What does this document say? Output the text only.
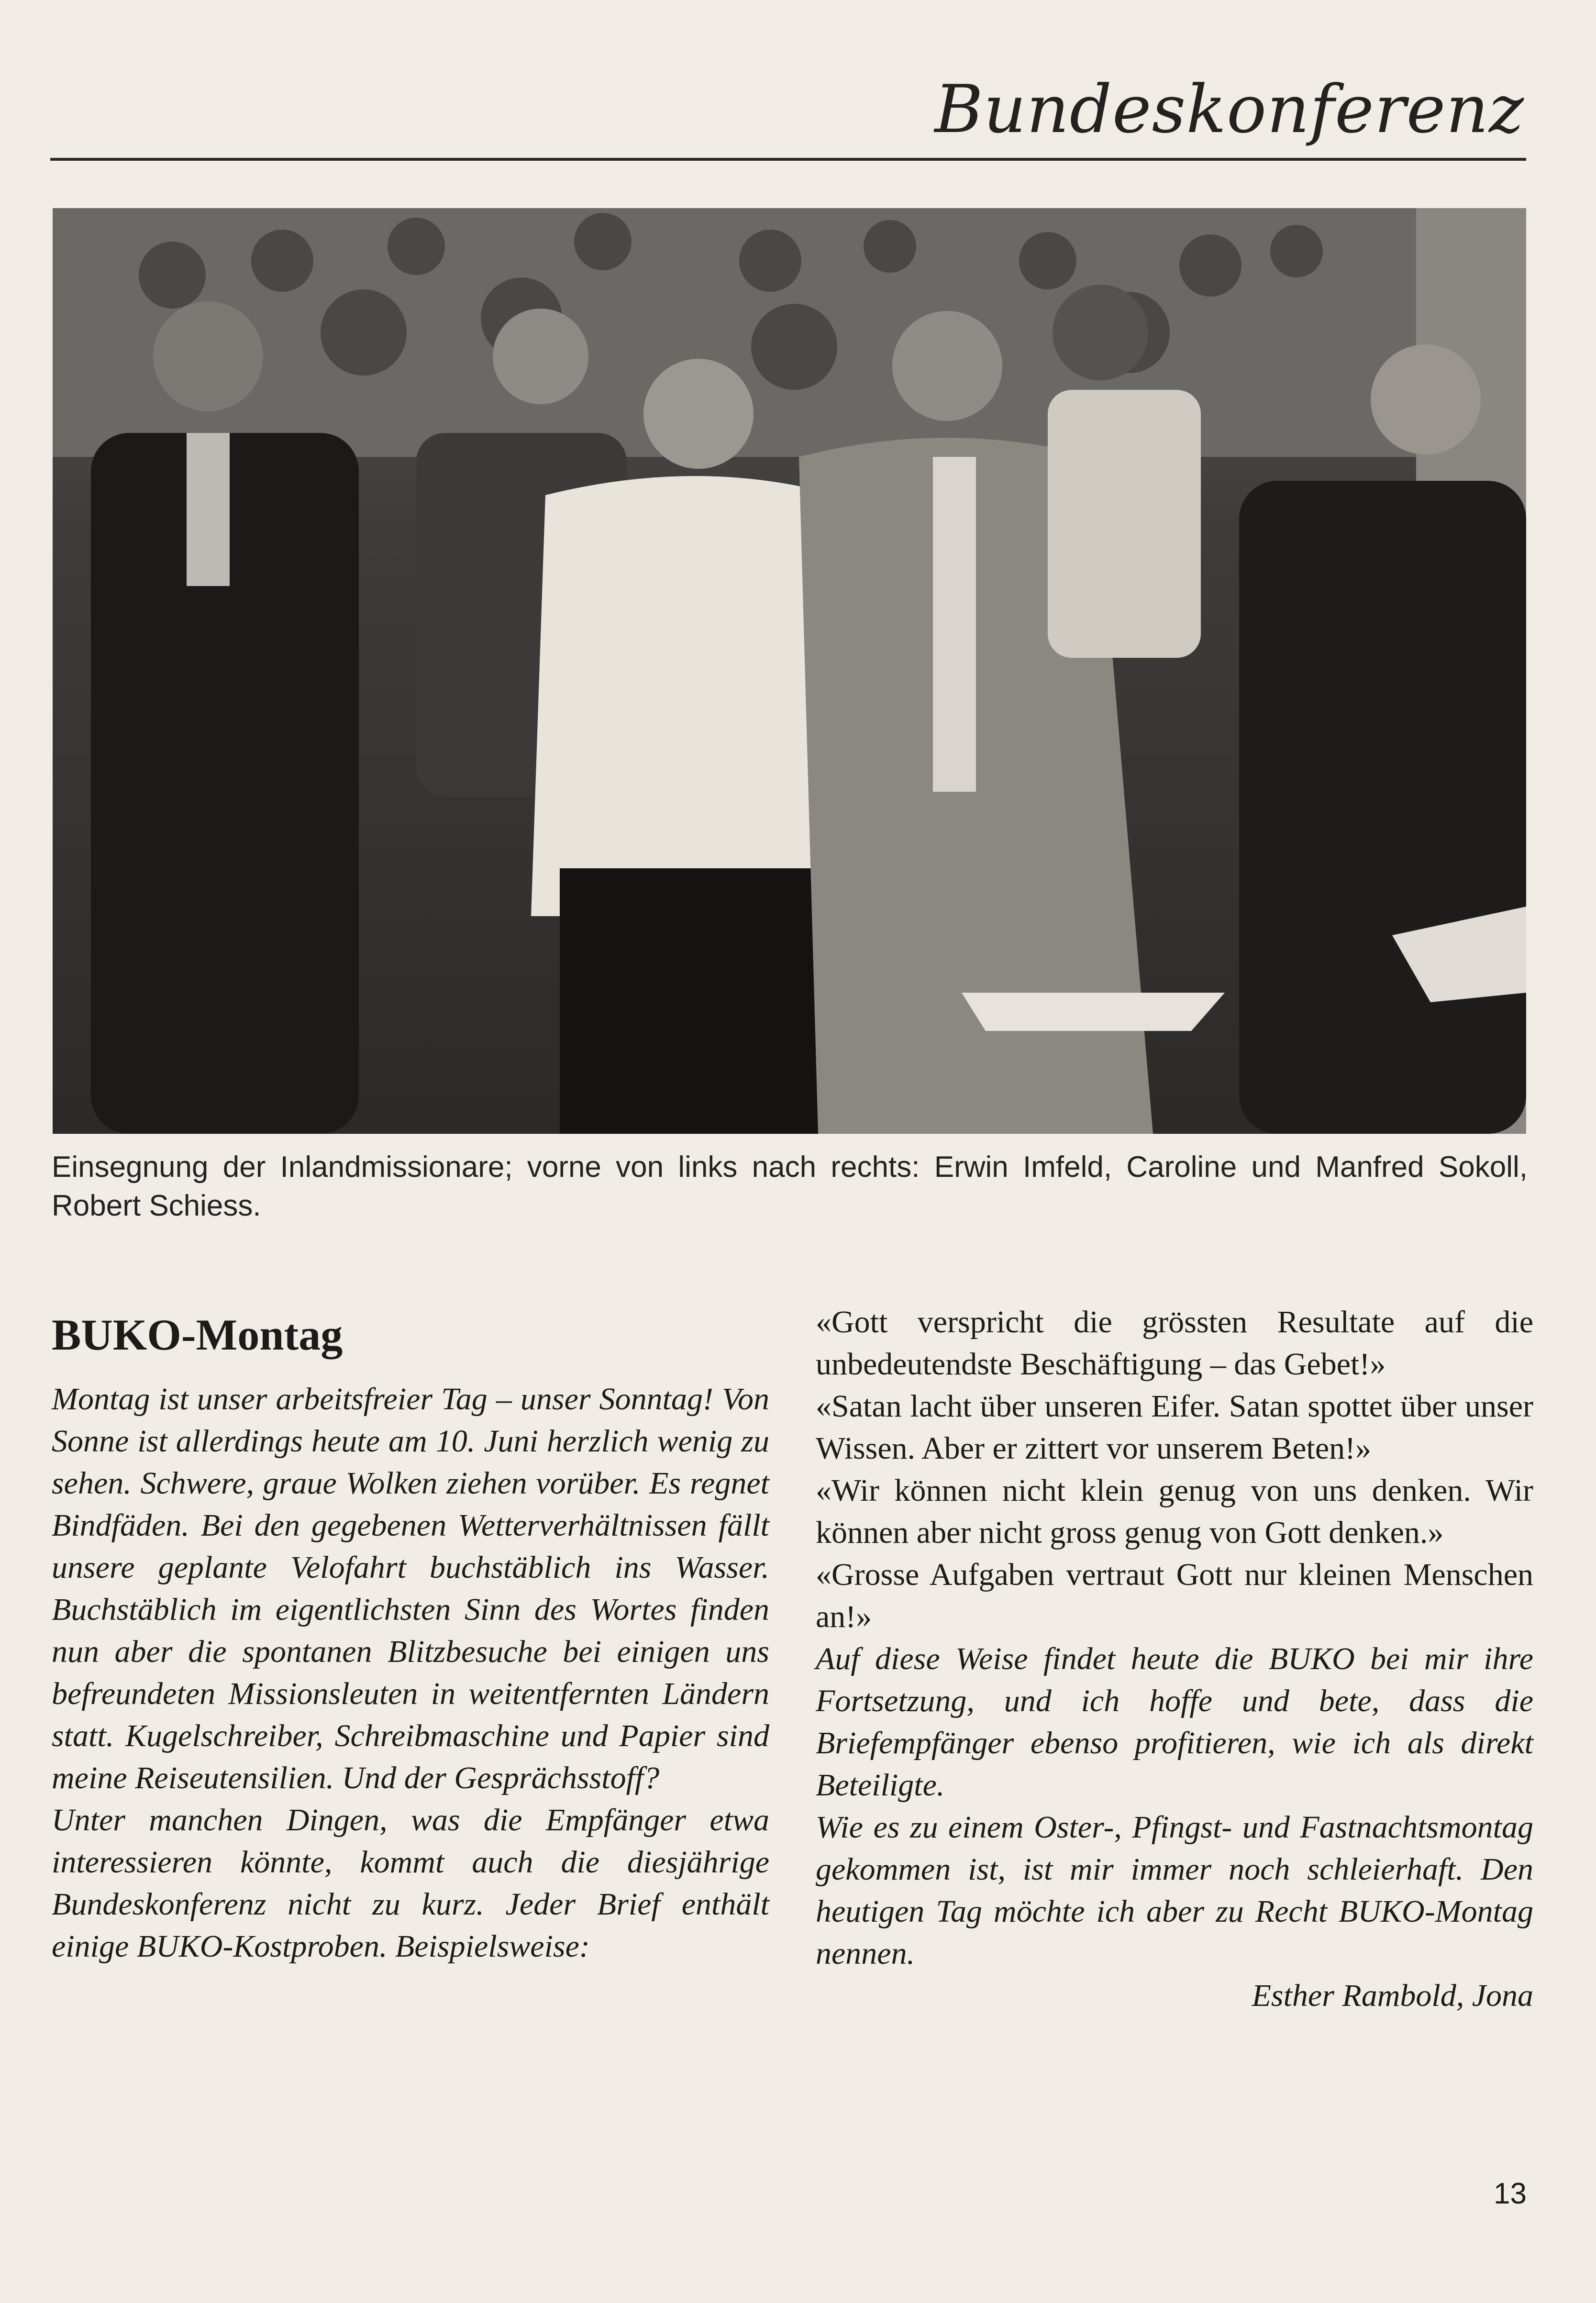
Bundeskonferenz

Einsegnung der Inlandmissionare; vorne von links nach rechts: Erwin Imfeld, Caroline und Manfred Sokoll, Robert Schiess.

BUKO-Montag

Montag ist unser arbeitsfreier Tag – unser Sonntag! Von Sonne ist allerdings heute am 10. Juni herzlich wenig zu sehen. Schwere, graue Wolken ziehen vorüber. Es regnet Bindfäden. Bei den gegebenen Wetterverhältnissen fällt unsere geplante Velofahrt buchstäblich ins Wasser. Buchstäblich im eigentlichsten Sinn des Wortes finden nun aber die spontanen Blitzbesuche bei einigen uns befreundeten Missionsleuten in weitentfernten Ländern statt. Kugelschreiber, Schreibmaschine und Papier sind meine Reiseutensilien. Und der Gesprächsstoff?

Unter manchen Dingen, was die Empfänger etwa interessieren könnte, kommt auch die diesjährige Bundeskonferenz nicht zu kurz. Jeder Brief enthält einige BUKO-Kostproben. Beispielsweise:

«Gott verspricht die grössten Resultate auf die unbedeutendste Beschäftigung – das Gebet!»

«Satan lacht über unseren Eifer. Satan spottet über unser Wissen. Aber er zittert vor unserem Beten!»

«Wir können nicht klein genug von uns denken. Wir können aber nicht gross genug von Gott denken.»

«Grosse Aufgaben vertraut Gott nur kleinen Menschen an!»

Auf diese Weise findet heute die BUKO bei mir ihre Fortsetzung, und ich hoffe und bete, dass die Briefempfänger ebenso profitieren, wie ich als direkt Beteiligte.

Wie es zu einem Oster-, Pfingst- und Fastnachtsmontag gekommen ist, ist mir immer noch schleierhaft. Den heutigen Tag möchte ich aber zu Recht BUKO-Montag nennen.

Esther Rambold, Jona
13
